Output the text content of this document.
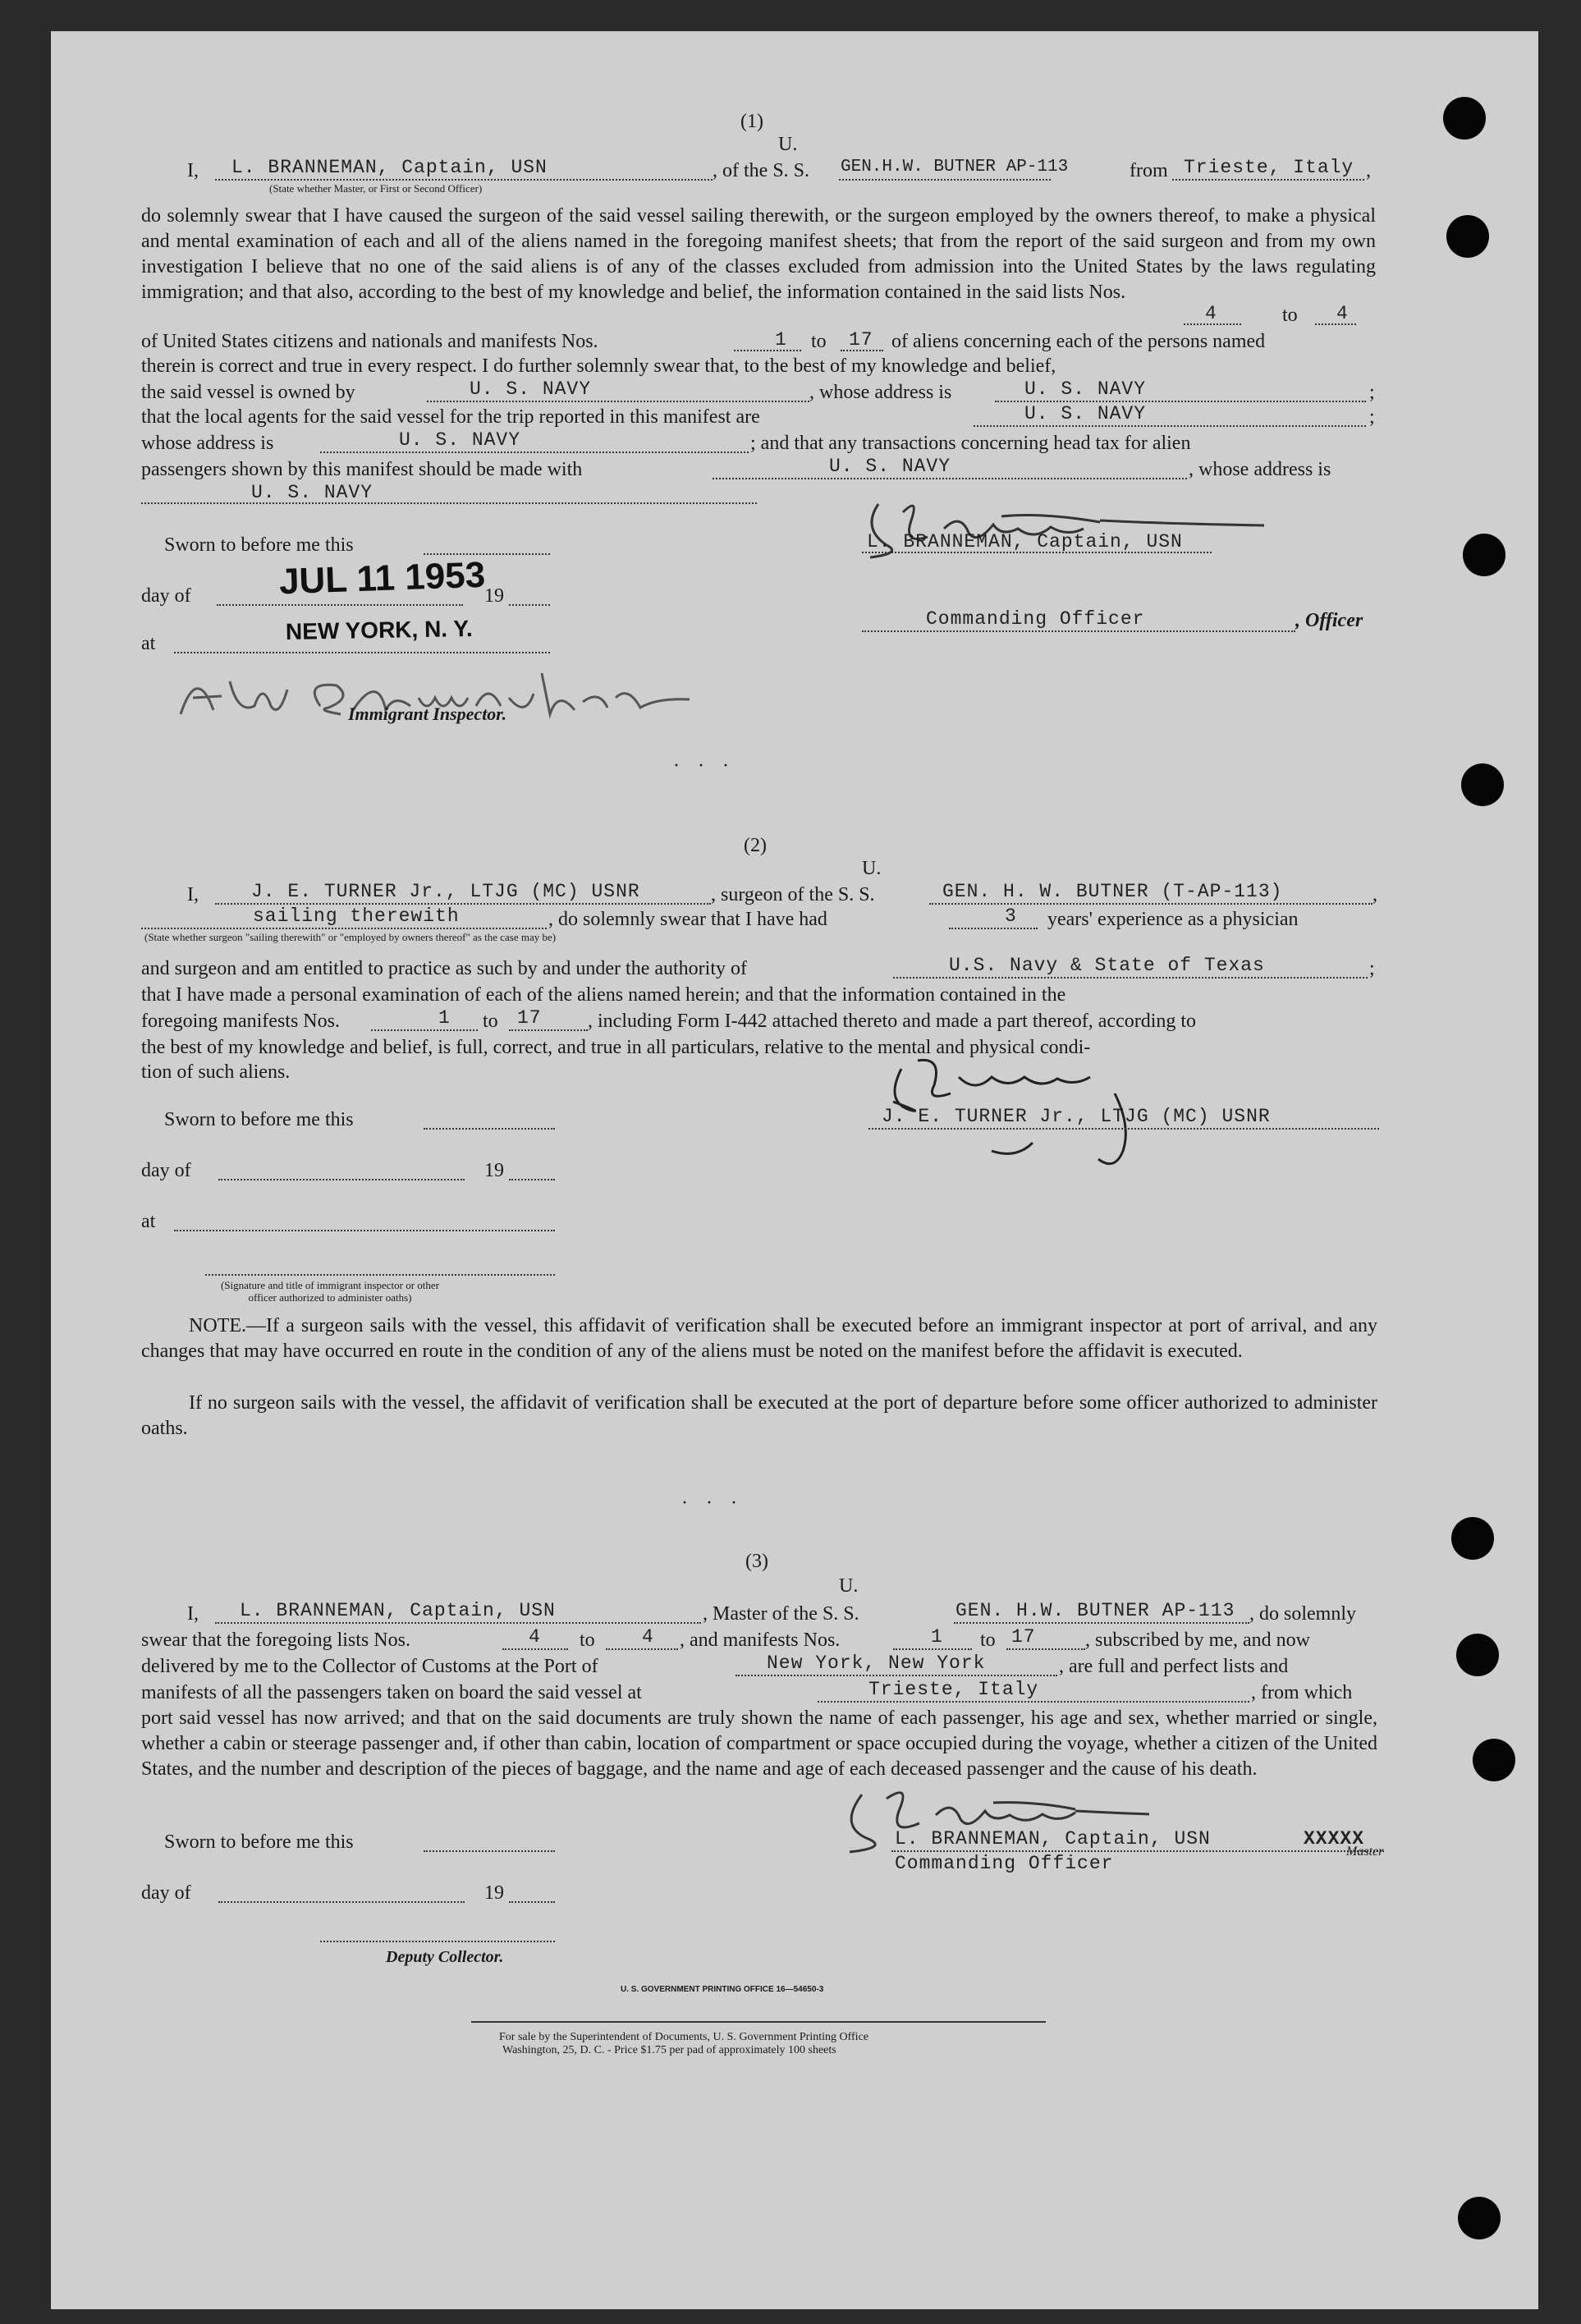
(1)
U.
I, L. BRANNEMAN, Captain, USN
(State whether Master, or First or Second Officer)
, of the S. S. GEN.H.W. BUTNER AP-113	from Trieste, Italy ,
do solemnly swear that I have caused the surgeon of the said vessel sailing therewith, or the surgeon employed by the owners thereof, to make a physical and mental examination of each and all of the aliens named in the foregoing manifest sheets; that from the report of the said surgeon and from my own investigation I believe that no one of the said aliens is of any of the classes excluded from admission into the United States by the laws regulating immigration; and that also, according to the best of my knowledge and belief, the information contained in the said lists Nos.
4	to 4
of United States citizens and nationals and manifests Nos.	1 to 17 of aliens concerning each of the persons named
therein is correct and true in every respect. I do further solemnly swear that, to the best of my knowledge and belief,
the said vessel is owned by	U. S. NAVY	, whose address is	U. S. NAVY	;
that the local agents for the said vessel for the trip reported in this manifest are	U. S. NAVY	;
whose address is	U. S. NAVY	; and that any transactions concerning head tax for alien
passengers shown by this manifest should be made with	U. S. NAVY	, whose address is
U. S. NAVY
Sworn to before me this
day of JUL 11 1953
19
at	NEW YORK, N. Y.
Immigrant Inspector.
L. BRANNEMAN, Captain, USN
Commanding Officer	, Officer
· · ·
(2)
U.
I,	J. E. TURNER Jr., LTJG (MC) USNR	, surgeon of the S. S.	GEN. H. W. BUTNER (T-AP-113)	,
sailing therewith	, do solemnly swear that I have had	3 years' experience as a physician
(State whether surgeon "sailing therewith" or "employed by owners thereof" as the case may be)
and surgeon and am entitled to practice as such by and under the authority of	U.S. Navy & State of Texas	;
that I have made a personal examination of each of the aliens named herein; and that the information contained in the
foregoing manifests Nos.	1 to 17 , including Form I-442 attached thereto and made a part thereof, according to
the best of my knowledge and belief, is full, correct, and true in all particulars, relative to the mental and physical condi-
tion of such aliens.
J. E. TURNER Jr., LTJG (MC) USNR
Sworn to before me this
day of	19
at
(Signature and title of immigrant inspector or other officer authorized to administer oaths)
NOTE.—If a surgeon sails with the vessel, this affidavit of verification shall be executed before an immigrant inspector at port of arrival, and any changes that may have occurred en route in the condition of any of the aliens must be noted on the manifest before the affidavit is executed.
If no surgeon sails with the vessel, the affidavit of verification shall be executed at the port of departure before some officer authorized to administer oaths.
· · ·
(3)
U.
I, L. BRANNEMAN, Captain, USN	, Master of the S. S.	GEN. H.W. BUTNER AP-113 , do solemnly
swear that the foregoing lists Nos.	4 to 4 , and manifests Nos.	1 to 17	, subscribed by me, and now
delivered by me to the Collector of Customs at the Port of	New York, New York	, are full and perfect lists and
manifests of all the passengers taken on board the said vessel at	Trieste, Italy	, from which
port said vessel has now arrived; and that on the said documents are truly shown the name of each passenger, his age and sex, whether married or single, whether a cabin or steerage passenger and, if other than cabin, location of compartment or space occupied during the voyage, whether a citizen of the United States, and the number and description of the pieces of baggage, and the name and age of each deceased passenger and the cause of his death.
L. BRANNEMAN, Captain, USN	XXXXX
Master
Commanding Officer
Sworn to before me this
day of	19
Deputy Collector.
U. S. GOVERNMENT PRINTING OFFICE 16—54650-3
For sale by the Superintendent of Documents, U. S. Government Printing Office
Washington, 25, D. C. - Price $1.75 per pad of approximately 100 sheets
